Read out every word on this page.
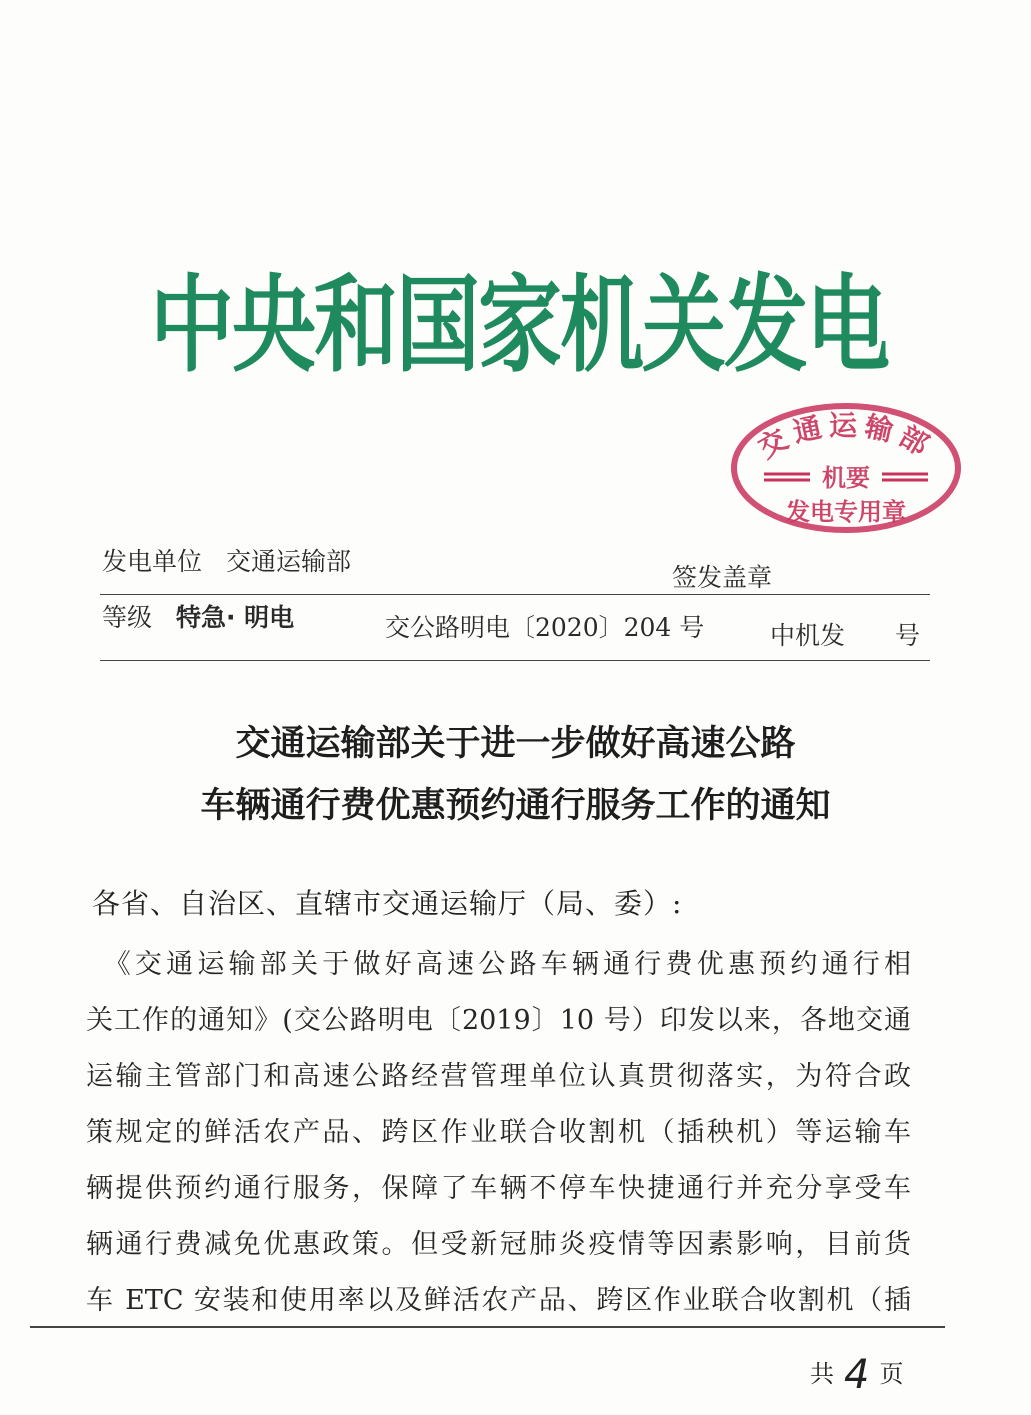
中央和国家机关发电
交通运输部
机要
发电专用章
发电单位 交通运输部
签发盖章
等级 特急· 明电	交公路明电〔2020〕204 号	中机发　　号
交通运输部关于进一步做好高速公路
车辆通行费优惠预约通行服务工作的通知
各省、自治区、直辖市交通运输厅（局、委）:
　《交通运输部关于做好高速公路车辆通行费优惠预约通行相
关工作的通知》(交公路明电〔2019〕10 号）印发以来，各地交通
运输主管部门和高速公路经营管理单位认真贯彻落实，为符合政
策规定的鲜活农产品、跨区作业联合收割机（插秧机）等运输车
辆提供预约通行服务，保障了车辆不停车快捷通行并充分享受车
辆通行费减免优惠政策。但受新冠肺炎疫情等因素影响，目前货
车 ETC 安装和使用率以及鲜活农产品、跨区作业联合收割机（插
共 4 页
